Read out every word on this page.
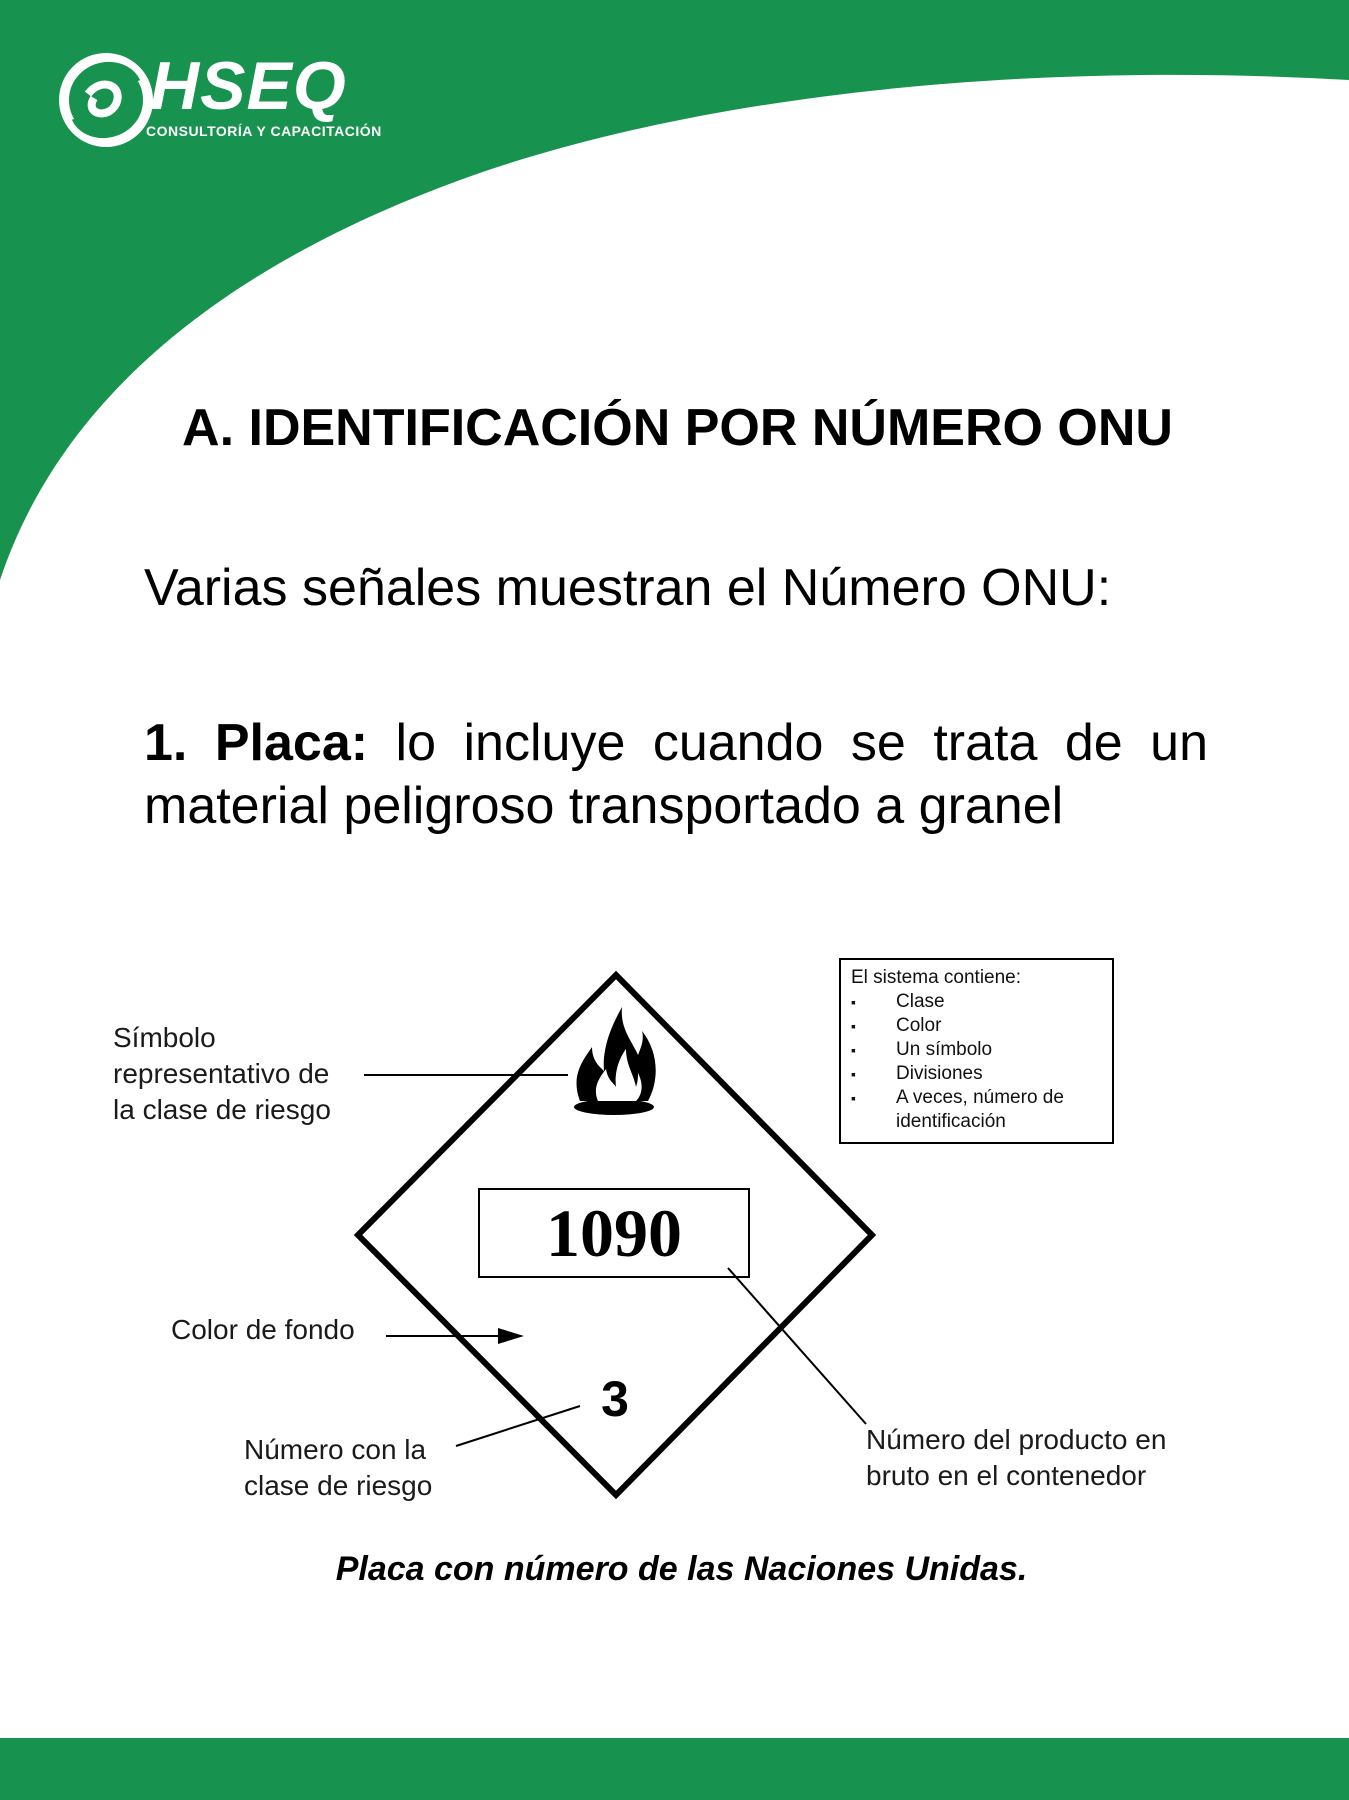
HSEQ
CONSULTORÍA Y CAPACITACIÓN
A. IDENTIFICACIÓN POR NÚMERO ONU

Varias señales muestran el Número ONU:

1. Placa: lo incluye cuando se trata de un material peligroso transportado a granel

Símbolo
representativo de
la clase de riesgo

Color de fondo

Número con la
clase de riesgo

Número del producto en
bruto en el contenedor

1090
3
El sistema contiene:
▪ Clase
▪ Color
▪ Un símbolo
▪ Divisiones
▪ A veces, número de identificación

Placa con número de las Naciones Unidas.
